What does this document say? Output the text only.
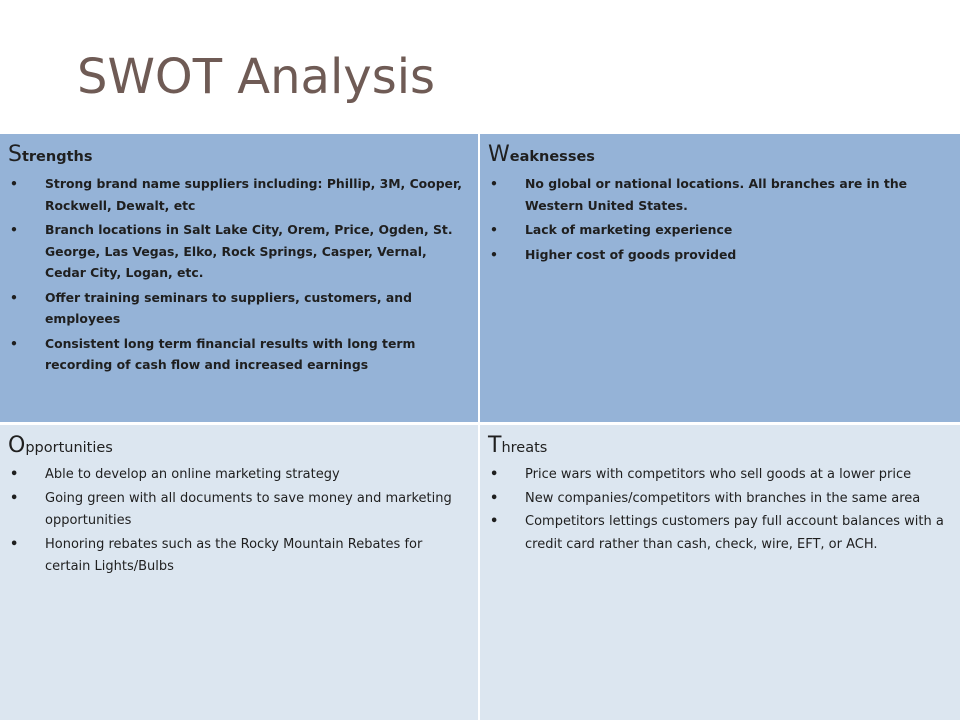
SWOT Analysis
Strengths
• Strong brand name suppliers including: Phillip, 3M, Cooper, Rockwell, Dewalt, etc
• Branch locations in Salt Lake City, Orem, Price, Ogden, St. George, Las Vegas, Elko, Rock Springs, Casper, Vernal, Cedar City, Logan, etc.
• Offer training seminars to suppliers, customers, and employees
• Consistent long term financial results with long term recording of cash flow and increased earnings
Weaknesses
• No global or national locations. All branches are in the Western United States.
• Lack of marketing experience
• Higher cost of goods provided
Opportunities
• Able to develop an online marketing strategy
• Going green with all documents to save money and marketing opportunities
• Honoring rebates such as the Rocky Mountain Rebates for certain Lights/Bulbs
Threats
• Price wars with competitors who sell goods at a lower price
• New companies/competitors with branches in the same area
• Competitors lettings customers pay full account balances with a credit card rather than cash, check, wire, EFT, or ACH.
